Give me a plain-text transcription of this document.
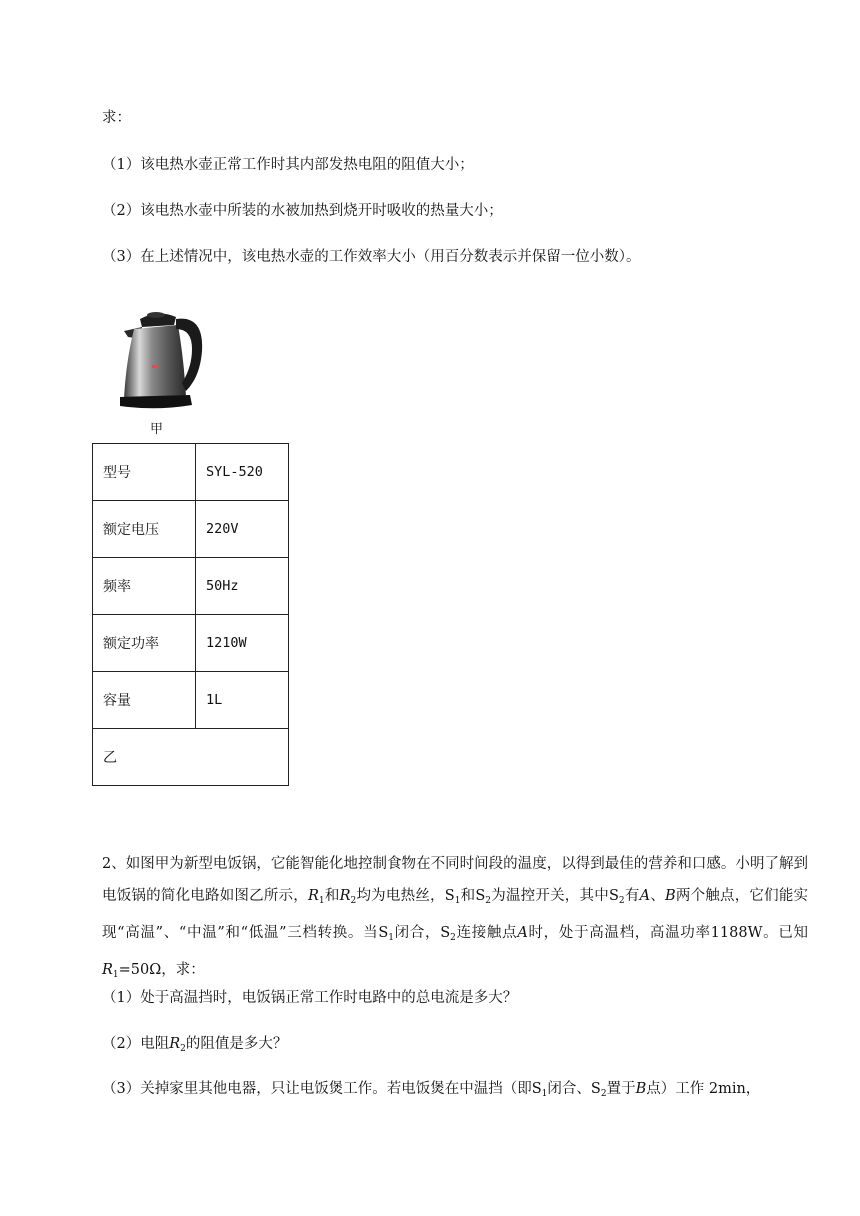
求：
（1）该电热水壶正常工作时其内部发热电阻的阻值大小；
（2）该电热水壶中所装的水被加热到烧开时吸收的热量大小；
（3）在上述情况中，该电热水壶的工作效率大小（用百分数表示并保留一位小数）。
甲
型号	SYL-520
额定电压	220V
频率	50Hz
额定功率	1210W
容量	1L
乙	
2、如图甲为新型电饭锅，它能智能化地控制食物在不同时间段的温度，以得到最佳的营养和口感。小明了解到电饭锅的简化电路如图乙所示，$R_1$和$R_2$均为电热丝，$S_1$和$S_2$为温控开关，其中$S_2$有A、B两个触点，它们能实现“高温”、“中温”和“低温”三档转换。当$S_1$闭合，$S_2$连接触点A时，处于高温档，高温功率1188W。已知$R_1=50\Omega$，求：
（1）处于高温挡时，电饭锅正常工作时电路中的总电流是多大？
（2）电阻$R_2$的阻值是多大？
（3）关掉家里其他电器，只让电饭煲工作。若电饭煲在中温挡（即$S_1$闭合、$S_2$置于B点）工作 2min，
